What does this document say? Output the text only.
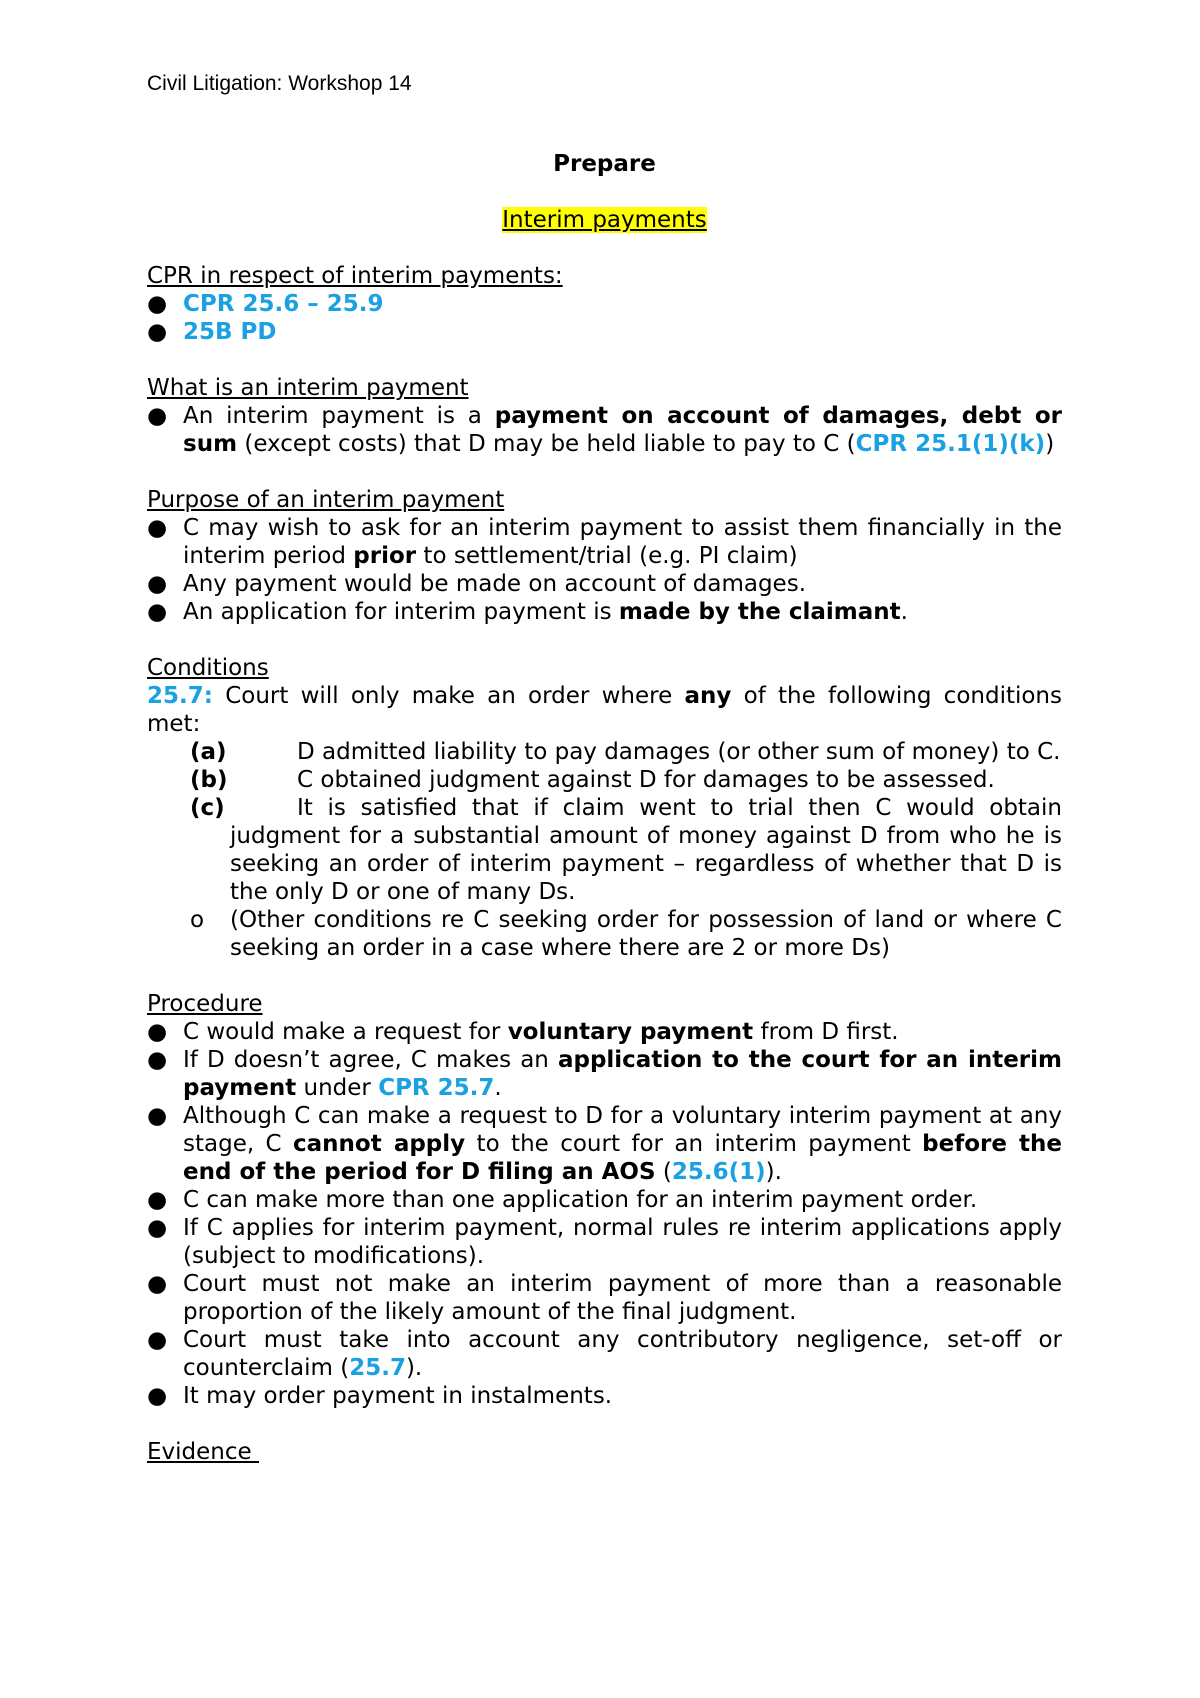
Civil Litigation: Workshop 14
Prepare
Interim payments
CPR in respect of interim payments:
● CPR 25.6 – 25.9
● 25B PD
What is an interim payment
● An interim payment is a payment on account of damages, debt or sum (except costs) that D may be held liable to pay to C (CPR 25.1(1)(k))
Purpose of an interim payment
● C may wish to ask for an interim payment to assist them financially in the interim period prior to settlement/trial (e.g. PI claim)
● Any payment would be made on account of damages.
● An application for interim payment is made by the claimant.
Conditions
25.7: Court will only make an order where any of the following conditions met:
(a)	D admitted liability to pay damages (or other sum of money) to C.
(b)	C obtained judgment against D for damages to be assessed.
(c)	It is satisfied that if claim went to trial then C would obtain judgment for a substantial amount of money against D from who he is seeking an order of interim payment – regardless of whether that D is the only D or one of many Ds.
o (Other conditions re C seeking order for possession of land or where C seeking an order in a case where there are 2 or more Ds)
Procedure
● C would make a request for voluntary payment from D first.
● If D doesn’t agree, C makes an application to the court for an interim payment under CPR 25.7.
● Although C can make a request to D for a voluntary interim payment at any stage, C cannot apply to the court for an interim payment before the end of the period for D filing an AOS (25.6(1)).
● C can make more than one application for an interim payment order.
● If C applies for interim payment, normal rules re interim applications apply (subject to modifications).
● Court must not make an interim payment of more than a reasonable proportion of the likely amount of the final judgment.
● Court must take into account any contributory negligence, set-off or counterclaim (25.7).
● It may order payment in instalments.
Evidence
